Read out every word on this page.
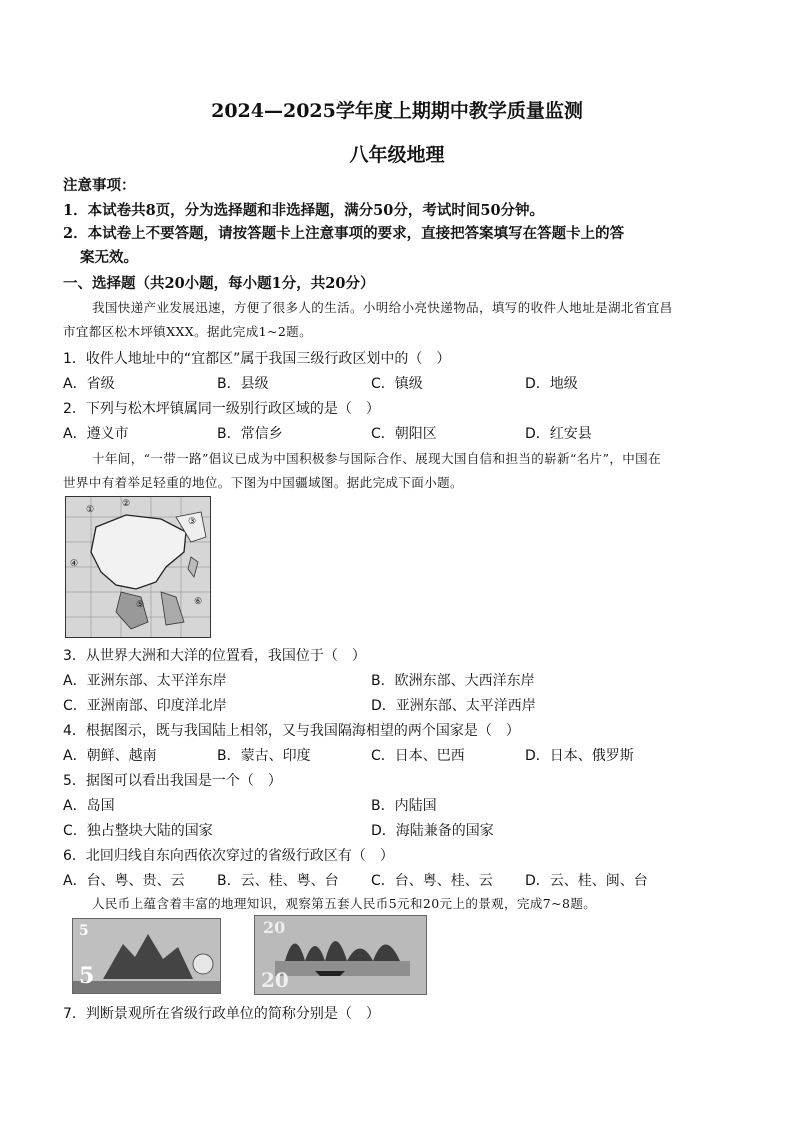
2024—2025学年度上期期中教学质量监测
八年级地理
注意事项：
1．本试卷共8页，分为选择题和非选择题，满分50分，考试时间50分钟。
2．本试卷上不要答题，请按答题卡上注意事项的要求，直接把答案填写在答题卡上的答
案无效。
一、选择题（共20小题，每小题1分，共20分）
我国快递产业发展迅速，方便了很多人的生活。小明给小亮快递物品，填写的收件人地址是湖北省宜昌
市宜都区松木坪镇XXX。据此完成1~2题。
1．收件人地址中的“宜都区”属于我国三级行政区划中的（　）
A．省级	B．县级	C．镇级	D．地级
2．下列与松木坪镇属同一级别行政区域的是（　）
A．遵义市	B．常信乡	C．朝阳区	D．红安县
十年间，“一带一路”倡议已成为中国积极参与国际合作、展现大国自信和担当的崭新“名片”，中国在
世界中有着举足轻重的地位。下图为中国疆域图。据此完成下面小题。
①
②
③
④
⑤	⑥
3．从世界大洲和大洋的位置看，我国位于（　）
A．亚洲东部、太平洋东岸	B．欧洲东部、大西洋东岸
C．亚洲南部、印度洋北岸	D．亚洲东部、太平洋西岸
4．根据图示，既与我国陆上相邻，又与我国隔海相望的两个国家是（　）
A．朝鲜、越南	B．蒙古、印度	C．日本、巴西	D．日本、俄罗斯
5．据图可以看出我国是一个（　）
A．岛国	B．内陆国
C．独占整块大陆的国家	D．海陆兼备的国家
6．北回归线自东向西依次穿过的省级行政区有（　）
A．台、粤、贵、云 B．云、桂、粤、台 C．台、粤、桂、云 D．云、桂、闽、台
人民币上蕴含着丰富的地理知识，观察第五套人民币5元和20元上的景观，完成7~8题。
5
5
20
20
7．判断景观所在省级行政单位的简称分别是（　）
